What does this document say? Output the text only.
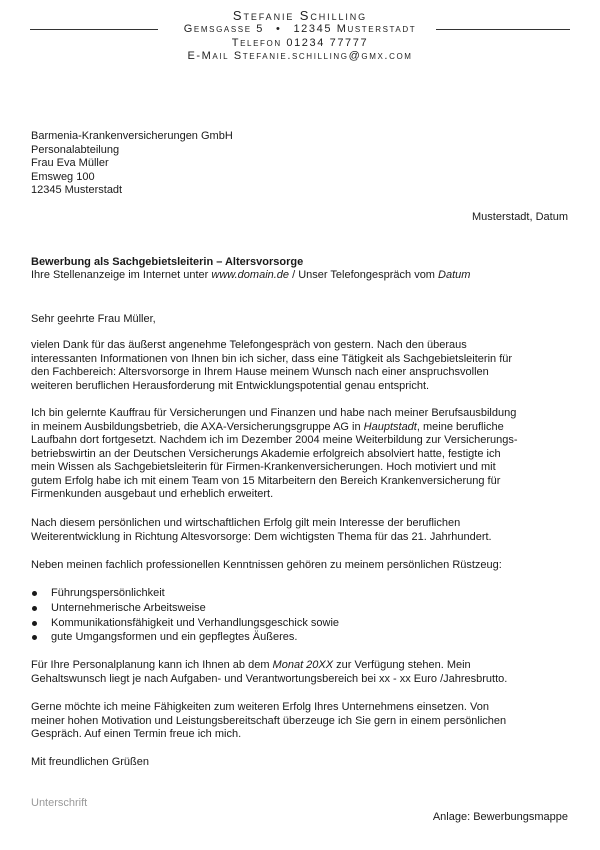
Stefanie Schilling
Gemsgasse 5 • 12345 Musterstadt
Telefon 01234 77777
E-Mail Stefanie.schilling@gmx.com
Barmenia-Krankenversicherungen GmbH
Personalabteilung
Frau Eva Müller
Emsweg 100
12345 Musterstadt
Musterstadt, Datum
Bewerbung als Sachgebietsleiterin – Altersvorsorge
Ihre Stellenanzeige im Internet unter www.domain.de / Unser Telefongespräch vom Datum
Sehr geehrte Frau Müller,

vielen Dank für das äußerst angenehme Telefongespräch von gestern. Nach den überaus

interessanten Informationen von Ihnen bin ich sicher, dass eine Tätigkeit als Sachgebietsleiterin für

den Fachbereich: Altersvorsorge in Ihrem Hause meinem Wunsch nach einer anspruchsvollen

weiteren beruflichen Herausforderung mit Entwicklungspotential genau entspricht.

Ich bin gelernte Kauffrau für Versicherungen und Finanzen und habe nach meiner Berufsausbildung

in meinem Ausbildungsbetrieb, die AXA-Versicherungsgruppe AG in Hauptstadt, meine berufliche

Laufbahn dort fortgesetzt. Nachdem ich im Dezember 2004 meine Weiterbildung zur Versicherungs-

betriebswirtin an der Deutschen Versicherungs Akademie erfolgreich absolviert hatte, festigte ich

mein Wissen als Sachgebietsleiterin für Firmen-Krankenversicherungen. Hoch motiviert und mit

gutem Erfolg habe ich mit einem Team von 15 Mitarbeitern den Bereich Krankenversicherung für

Firmenkunden ausgebaut und erheblich erweitert.

Nach diesem persönlichen und wirtschaftlichen Erfolg gilt mein Interesse der beruflichen

Weiterentwicklung in Richtung Altesvorsorge: Dem wichtigsten Thema für das 21. Jahrhundert.

Neben meinen fachlich professionellen Kenntnissen gehören zu meinem persönlichen Rüstzeug:
Führungspersönlichkeit
Unternehmerische Arbeitsweise
Kommunikationsfähigkeit und Verhandlungsgeschick sowie
gute Umgangsformen und ein gepflegtes Äußeres.

Für Ihre Personalplanung kann ich Ihnen ab dem Monat 20XX zur Verfügung stehen. Mein

Gehaltswunsch liegt je nach Aufgaben- und Verantwortungsbereich bei xx - xx Euro /Jahresbrutto.

Gerne möchte ich meine Fähigkeiten zum weiteren Erfolg Ihres Unternehmens einsetzen. Von

meiner hohen Motivation und Leistungsbereitschaft überzeuge ich Sie gern in einem persönlichen

Gespräch. Auf einen Termin freue ich mich.

Mit freundlichen Grüßen
Unterschrift
Anlage: Bewerbungsmappe
